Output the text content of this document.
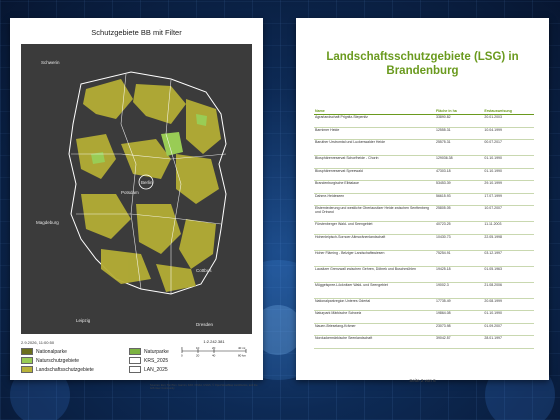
Schutzgebiete BB mit Filter
Berlin
Schwerin
Potsdam
Magdeburg
Leipzig
Dresden
Cottbus
2.9.2026, 11:00:50	1:2.242.381
0	10	20	40 mi
0	20	40	80 km
Nationalparke
Naturschutzgebiete
Landschaftsschutzgebiete
Naturparke
KRS_2025
LAN_2025
Sources: Esri, TomTom, Garmin, FAO, NOAA, USGS, © OpenStreetMap contributors, and the GIS User Community
Landschaftsschutzgebiete (LSG) in Brandenburg
Name	Fläche in ha	Erstausweisung
Agrarlandschaft Prignitz-Stepenitz	33890.82	20.01.2003
Barnimer Heide	12555.31	10.04.1999
Baruther Urstromtal und Luckenwalder Heide	25575.31	00.07.2017
Biosphärenreservat Schorfheide - Chorin	129036.38	01.10.1990
Biosphärenreservat Spreewald	47303.18	01.10.1990
Brandenburgische Elbtalaue	53453.39	29.10.1999
Dahme-Heideseen	56615.93	17.07.1999
Elsterniederung und westliche Oberlausitzer Heide zwischen Senftenberg und Ortrand	25805.05	10.07.2007
Fürstenberger Wald- und Seengebiet	40723.25	11.11.2003
Hohenleipisch-Sornoer Altmoränenlandschaft	10430.73	22.05.1998
Hoher Fläming - Belziger Landschaftswiesen	75254.91	03.12.1997
Lausitzer Grenzwall zwischen Gehren, Döbrek und Buschmühlen	19425.18	01.05.1963
Müggelspree-Löcknitzer Wald- und Seengebiet	19002.3	21.08.2006
Nationalparkregion Unteres Odertal	17735.49	20.08.1999
Naturpark Märkische Schweiz	19864.08	01.10.1990
Nauen-Brieselang-Krämer	23073.98	01.09.2007
Norduckermärkische Seenlandschaft	39042.57	28.01.1997
Seite 2 von 6
